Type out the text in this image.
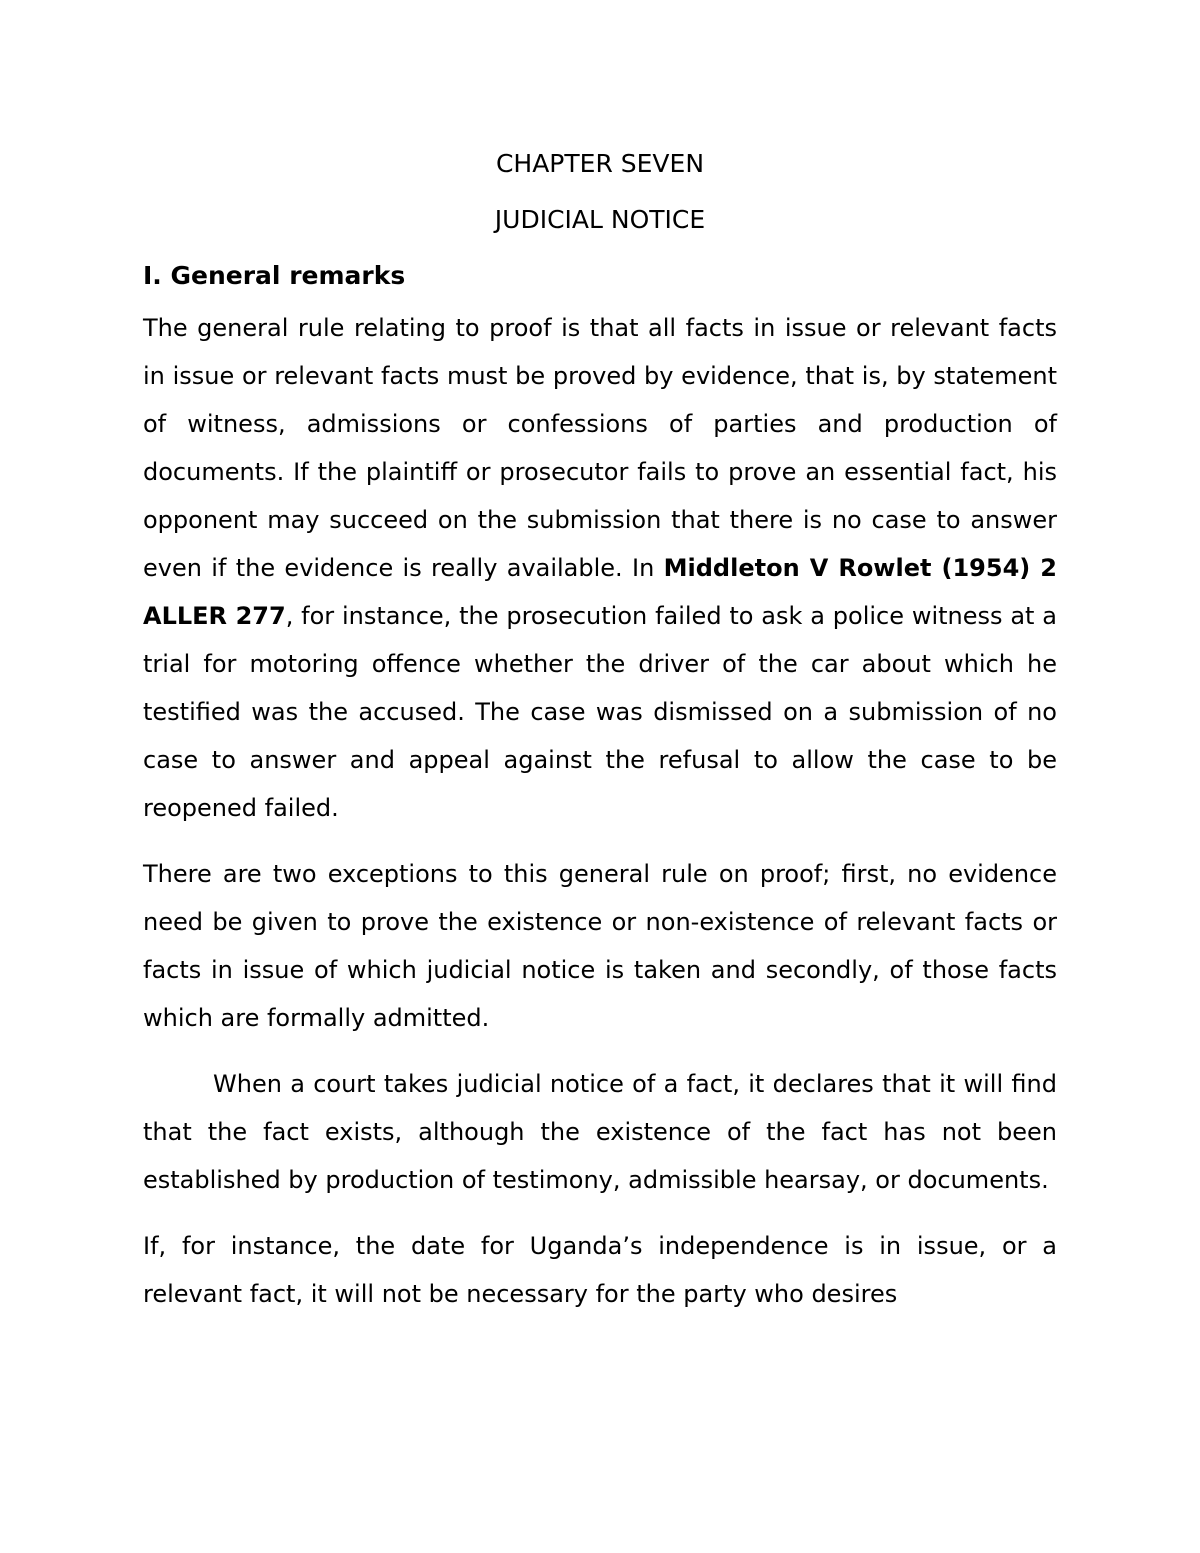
CHAPTER SEVEN
JUDICIAL NOTICE
I. General remarks

The general rule relating to proof is that all facts in issue or relevant facts in issue or relevant facts must be proved by evidence, that is, by statement of witness, admissions or confessions of parties and production of documents. If the plaintiff or prosecutor fails to prove an essential fact, his opponent may succeed on the submission that there is no case to answer even if the evidence is really available. In Middleton V Rowlet (1954) 2 ALLER 277, for instance, the prosecution failed to ask a police witness at a trial for motoring offence whether the driver of the car about which he testified was the accused. The case was dismissed on a submission of no case to answer and appeal against the refusal to allow the case to be reopened failed.

There are two exceptions to this general rule on proof; first, no evidence need be given to prove the existence or non-existence of relevant facts or facts in issue of which judicial notice is taken and secondly, of those facts which are formally admitted.

When a court takes judicial notice of a fact, it declares that it will find that the fact exists, although the existence of the fact has not been established by production of testimony, admissible hearsay, or documents.

If, for instance, the date for Uganda’s independence is in issue, or a relevant fact, it will not be necessary for the party who desires
